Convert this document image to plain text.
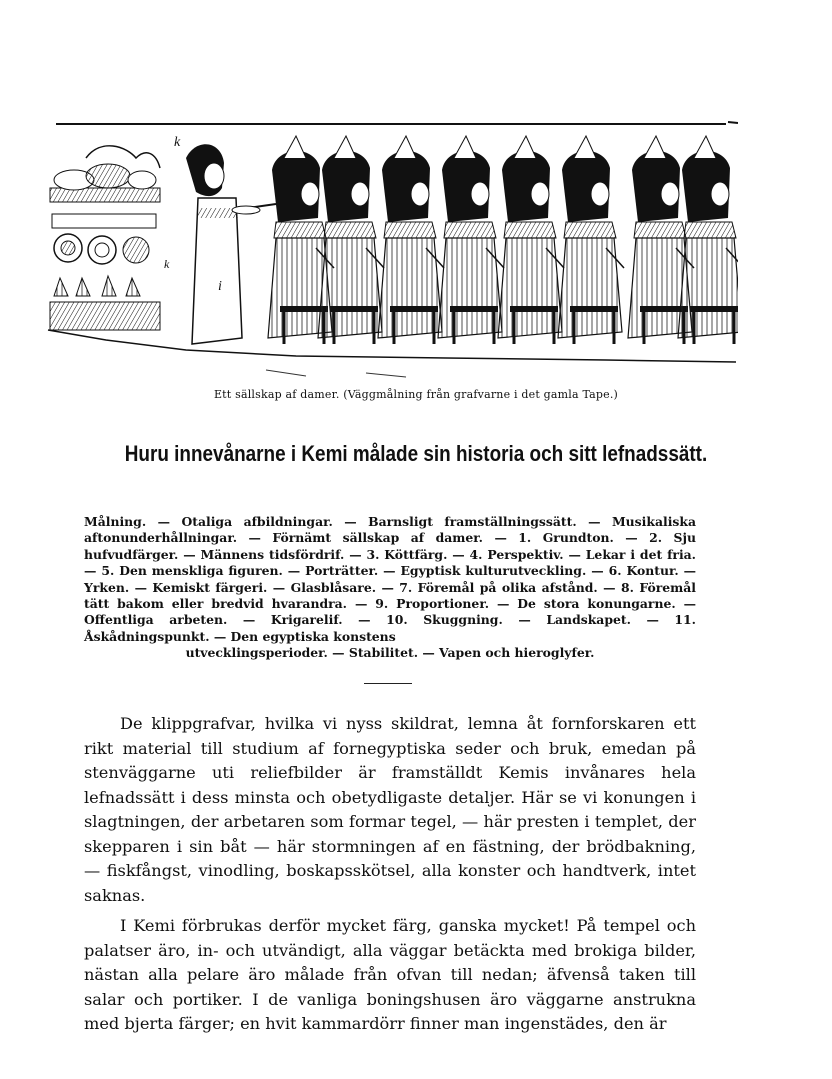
k
i
k
Ett sällskap af damer. (Väggmålning från grafvarne i det gamla Tape.)
Huru innevånarne i Kemi målade sin historia och sitt lefnadssätt.
Målning. — Otaliga afbildningar. — Barnsligt framställningssätt. — Musikaliska aftonunderhållningar. — Förnämt sällskap af damer. — 1. Grundton. — 2. Sju hufvudfärger. — Männens tidsfördrif. — 3. Köttfärg. — 4. Perspektiv. — Lekar i det fria. — 5. Den menskliga figuren. — Porträtter. — Egyptisk kulturutveckling. — 6. Kontur. — Yrken. — Kemiskt färgeri. — Glasblåsare. — 7. Föremål på olika afstånd. — 8. Föremål tätt bakom eller bredvid hvarandra. — 9. Proportioner. — De stora konungarne. — Offentliga arbeten. — Krigarelif. — 10. Skuggning. — Landskapet. — 11. Åskådningspunkt. — Den egyptiska konstens
utvecklingsperioder. — Stabilitet. — Vapen och hieroglyfer.

De klippgrafvar, hvilka vi nyss skildrat, lemna åt fornforskaren ett rikt material till studium af fornegyptiska seder och bruk, emedan på stenväggarne uti reliefbilder är framställdt Kemis invånares hela lefnadssätt i dess minsta och obetydligaste detaljer. Här se vi konungen i slagtningen, der arbetaren som formar tegel, — här presten i templet, der skepparen i sin båt — här stormningen af en fästning, der brödbakning, — fiskfångst, vinodling, boskapsskötsel, alla konster och handtverk, intet saknas.

I Kemi förbrukas derför mycket färg, ganska mycket! På tempel och palatser äro, in- och utvändigt, alla väggar betäckta med brokiga bilder, nästan alla pelare äro målade från ofvan till nedan; äfvenså taken till salar och portiker. I de vanliga boningshusen äro väggarne anstrukna med bjerta färger; en hvit kammardörr finner man ingenstädes, den är
